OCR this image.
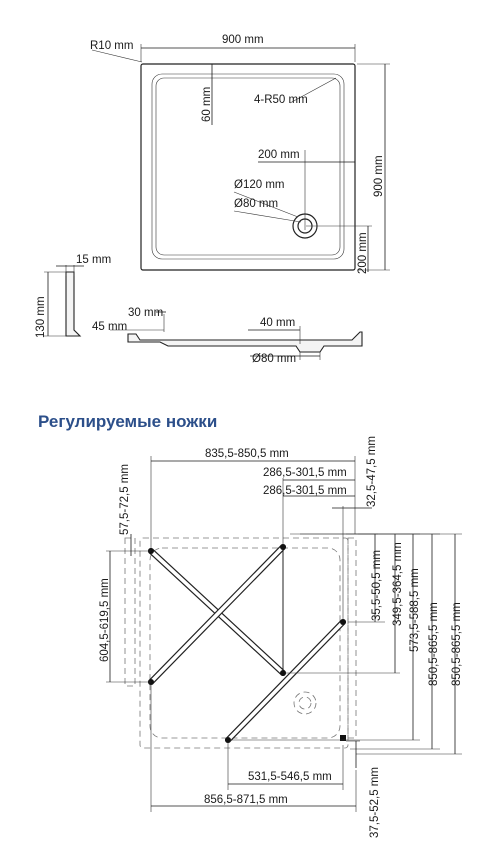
900 mm
R10 mm
60 mm	4-R50 mm
200 mm
Ø120 mm
Ø80 mm
900 mm
200 mm
15 mm
130 mm	30 mm
45 mm	40 mm
Ø80 mm
Регулируемые ножки
835,5-850,5 mm
286,5-301,5 mm
286,5-301,5 mm 32,5-47,5 mm
57,5-72,5 mm
604,5-619,5 mm	35,5-50,5 mm 349,5-364,5 mm 573,5-588,5 mm 850,5-865,5 mm 850,5-865,5 mm
531,5-546,5 mm	37,5-52,5 mm
856,5-871,5 mm
